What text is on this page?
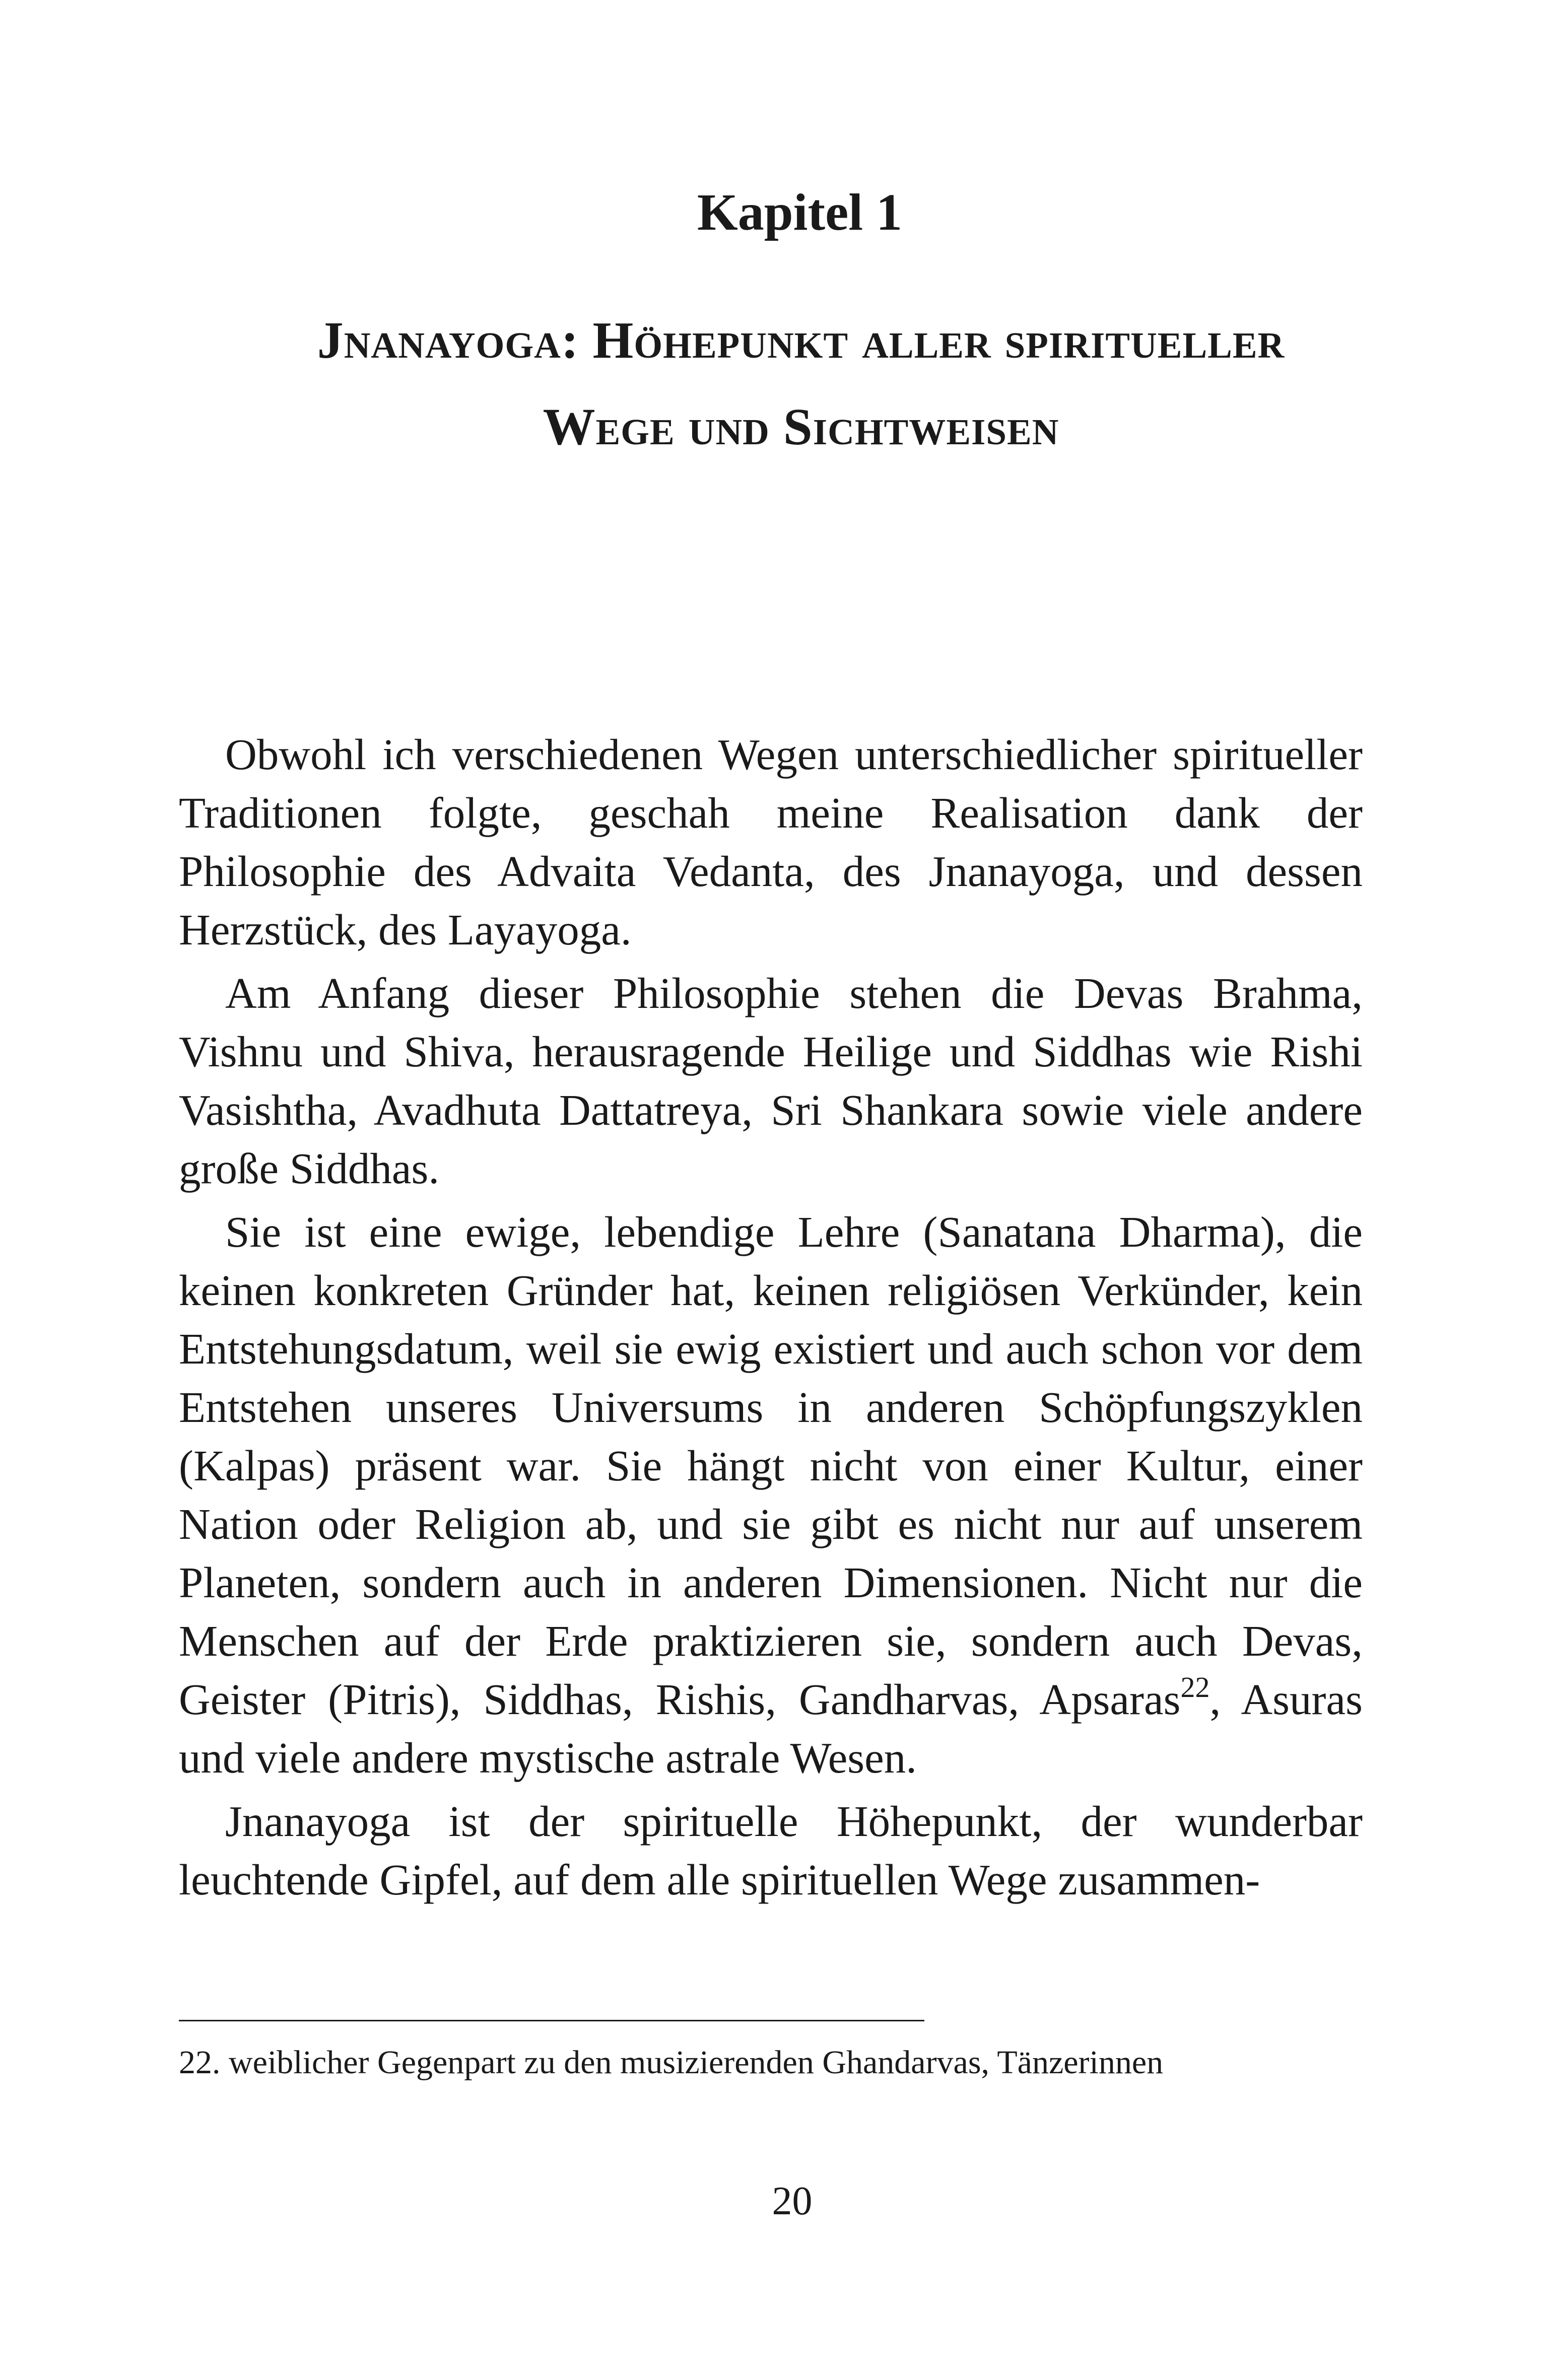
Kapitel 1
Jnanayoga: Höhepunkt aller spiritueller Wege und Sichtweisen

Obwohl ich verschiedenen Wegen unterschiedlicher spiritueller Traditionen folgte, geschah meine Realisation dank der Philosophie des Advaita Vedanta, des Jnanayoga, und dessen Herzstück, des Layayoga.

Am Anfang dieser Philosophie stehen die Devas Brahma, Vishnu und Shiva, herausragende Heilige und Siddhas wie Rishi Vasishtha, Avadhuta Dattatreya, Sri Shankara sowie viele andere große Siddhas.

Sie ist eine ewige, lebendige Lehre (Sanatana Dharma), die keinen konkreten Gründer hat, keinen religiösen Verkünder, kein Entstehungsdatum, weil sie ewig existiert und auch schon vor dem Entstehen unseres Universums in anderen Schöpfungszyklen (Kalpas) präsent war. Sie hängt nicht von einer Kultur, einer Nation oder Religion ab, und sie gibt es nicht nur auf unserem Planeten, sondern auch in anderen Dimensionen. Nicht nur die Menschen auf der Erde praktizieren sie, sondern auch Devas, Geister (Pitris), Siddhas, Rishis, Gandharvas, Apsaras$^{22}$, Asuras und viele andere mystische astrale Wesen.

Jnanayoga ist der spirituelle Höhepunkt, der wunderbar leuchtende Gipfel, auf dem alle spirituellen Wege zusammen-

22. weiblicher Gegenpart zu den musizierenden Ghandarvas, Tänzerinnen
20
